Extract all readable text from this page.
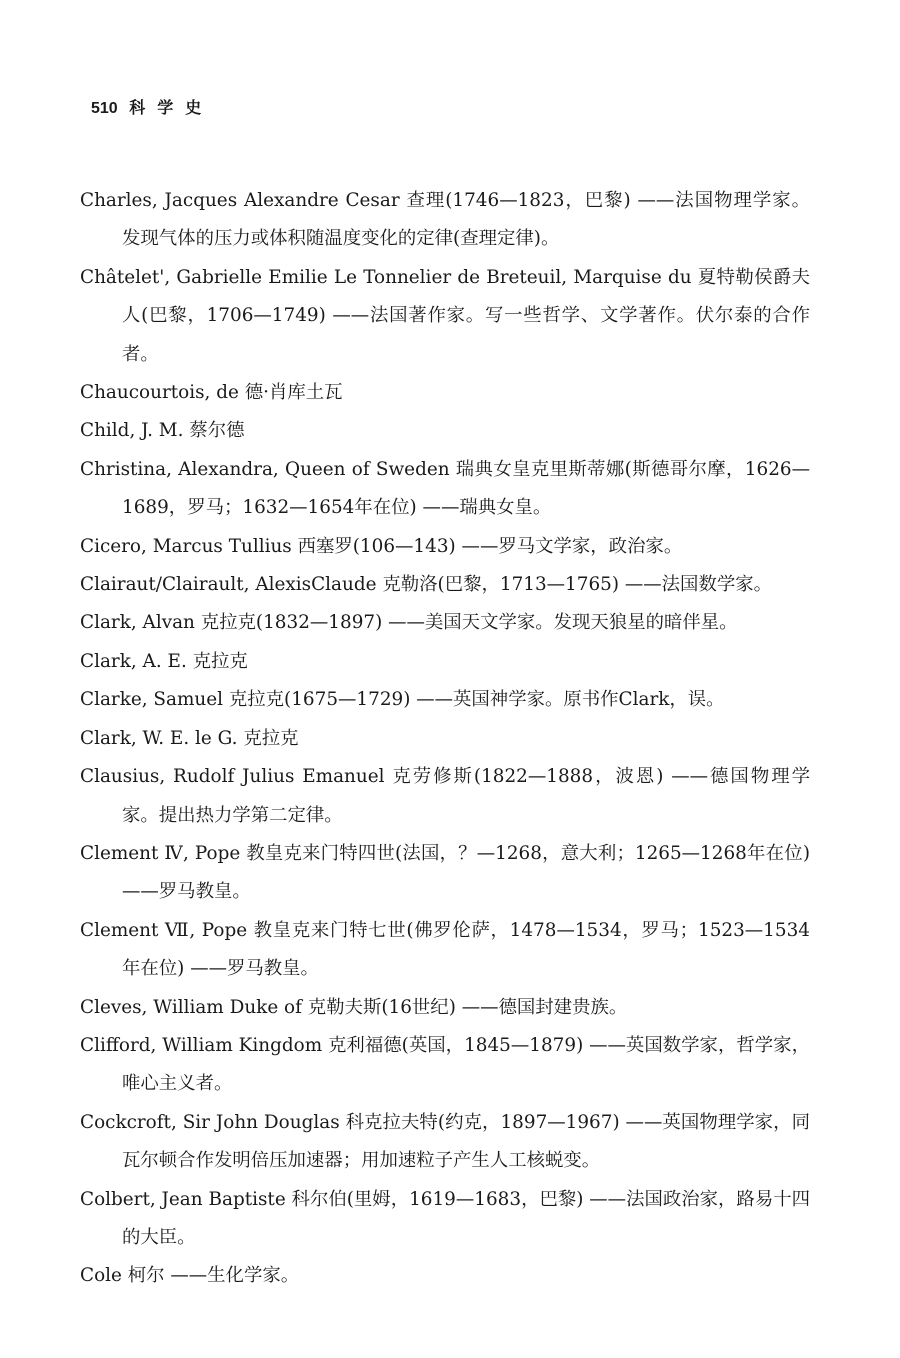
510 科学史
Charles, Jacques Alexandre Cesar 查理(1746—1823，巴黎) ——法国物理学家。发现气体的压力或体积随温度变化的定律(查理定律)。
Châtelet', Gabrielle Emilie Le Tonnelier de Breteuil, Marquise du 夏特勒侯爵夫人(巴黎，1706—1749) ——法国著作家。写一些哲学、文学著作。伏尔泰的合作者。
Chaucourtois, de 德·肖库土瓦
Child, J. M. 蔡尔德
Christina, Alexandra, Queen of Sweden 瑞典女皇克里斯蒂娜(斯德哥尔摩，1626—1689，罗马；1632—1654年在位) ——瑞典女皇。
Cicero, Marcus Tullius 西塞罗(106—143) ——罗马文学家，政治家。
Clairaut/Clairault, AlexisClaude 克勒洛(巴黎，1713—1765) ——法国数学家。
Clark, Alvan 克拉克(1832—1897) ——美国天文学家。发现天狼星的暗伴星。
Clark, A. E. 克拉克
Clarke, Samuel 克拉克(1675—1729) ——英国神学家。原书作Clark，误。
Clark, W. E. le G. 克拉克
Clausius, Rudolf Julius Emanuel 克劳修斯(1822—1888，波恩) ——德国物理学家。提出热力学第二定律。
Clement Ⅳ, Pope 教皇克来门特四世(法国，？—1268，意大利；1265—1268年在位) ——罗马教皇。
Clement Ⅶ, Pope 教皇克来门特七世(佛罗伦萨，1478—1534，罗马；1523—1534年在位) ——罗马教皇。
Cleves, William Duke of 克勒夫斯(16世纪) ——德国封建贵族。
Clifford, William Kingdom 克利福德(英国，1845—1879) ——英国数学家，哲学家，唯心主义者。
Cockcroft, Sir John Douglas 科克拉夫特(约克，1897—1967) ——英国物理学家，同瓦尔顿合作发明倍压加速器；用加速粒子产生人工核蜕变。
Colbert, Jean Baptiste 科尔伯(里姆，1619—1683，巴黎) ——法国政治家，路易十四的大臣。
Cole 柯尔 ——生化学家。
